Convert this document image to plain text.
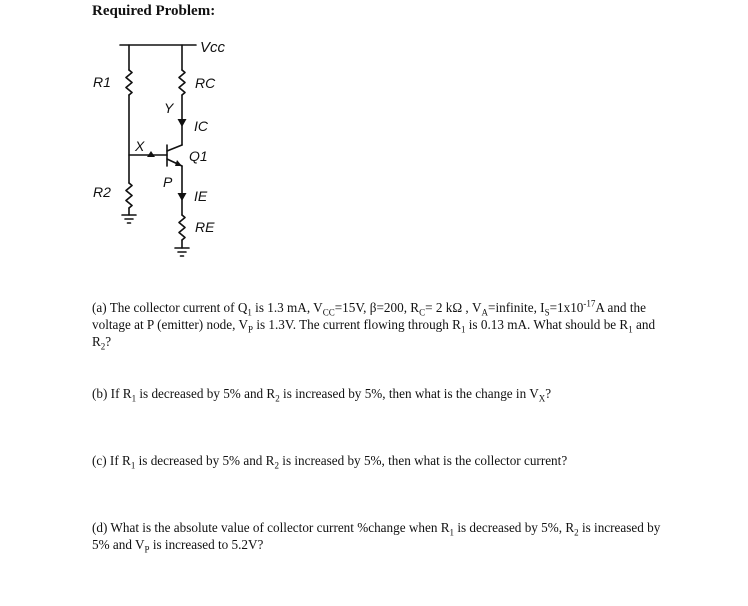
Required Problem:
Vcc
R1
R2
RC
Y
IC
X
Q1
P
IE
RE
(a) The collector current of $Q_1$ is 1.3 mA, $V_{CC}=15V$, β=200, $R_C= 2$ kΩ , $V_A=infinite$, $I_S=1x10^{-17}A$ and the voltage at P (emitter) node, $V_P$ is 1.3V. The current flowing through $R_1$ is 0.13 mA. What should be $R_1$ and $R_2$?
(b) If $R_1$ is decreased by 5% and $R_2$ is increased by 5%, then what is the change in $V_X$?
(c) If $R_1$ is decreased by 5% and $R_2$ is increased by 5%, then what is the collector current?
(d) What is the absolute value of collector current %change when $R_1$ is decreased by 5%, $R_2$ is increased by 5% and $V_P$ is increased to 5.2V?
